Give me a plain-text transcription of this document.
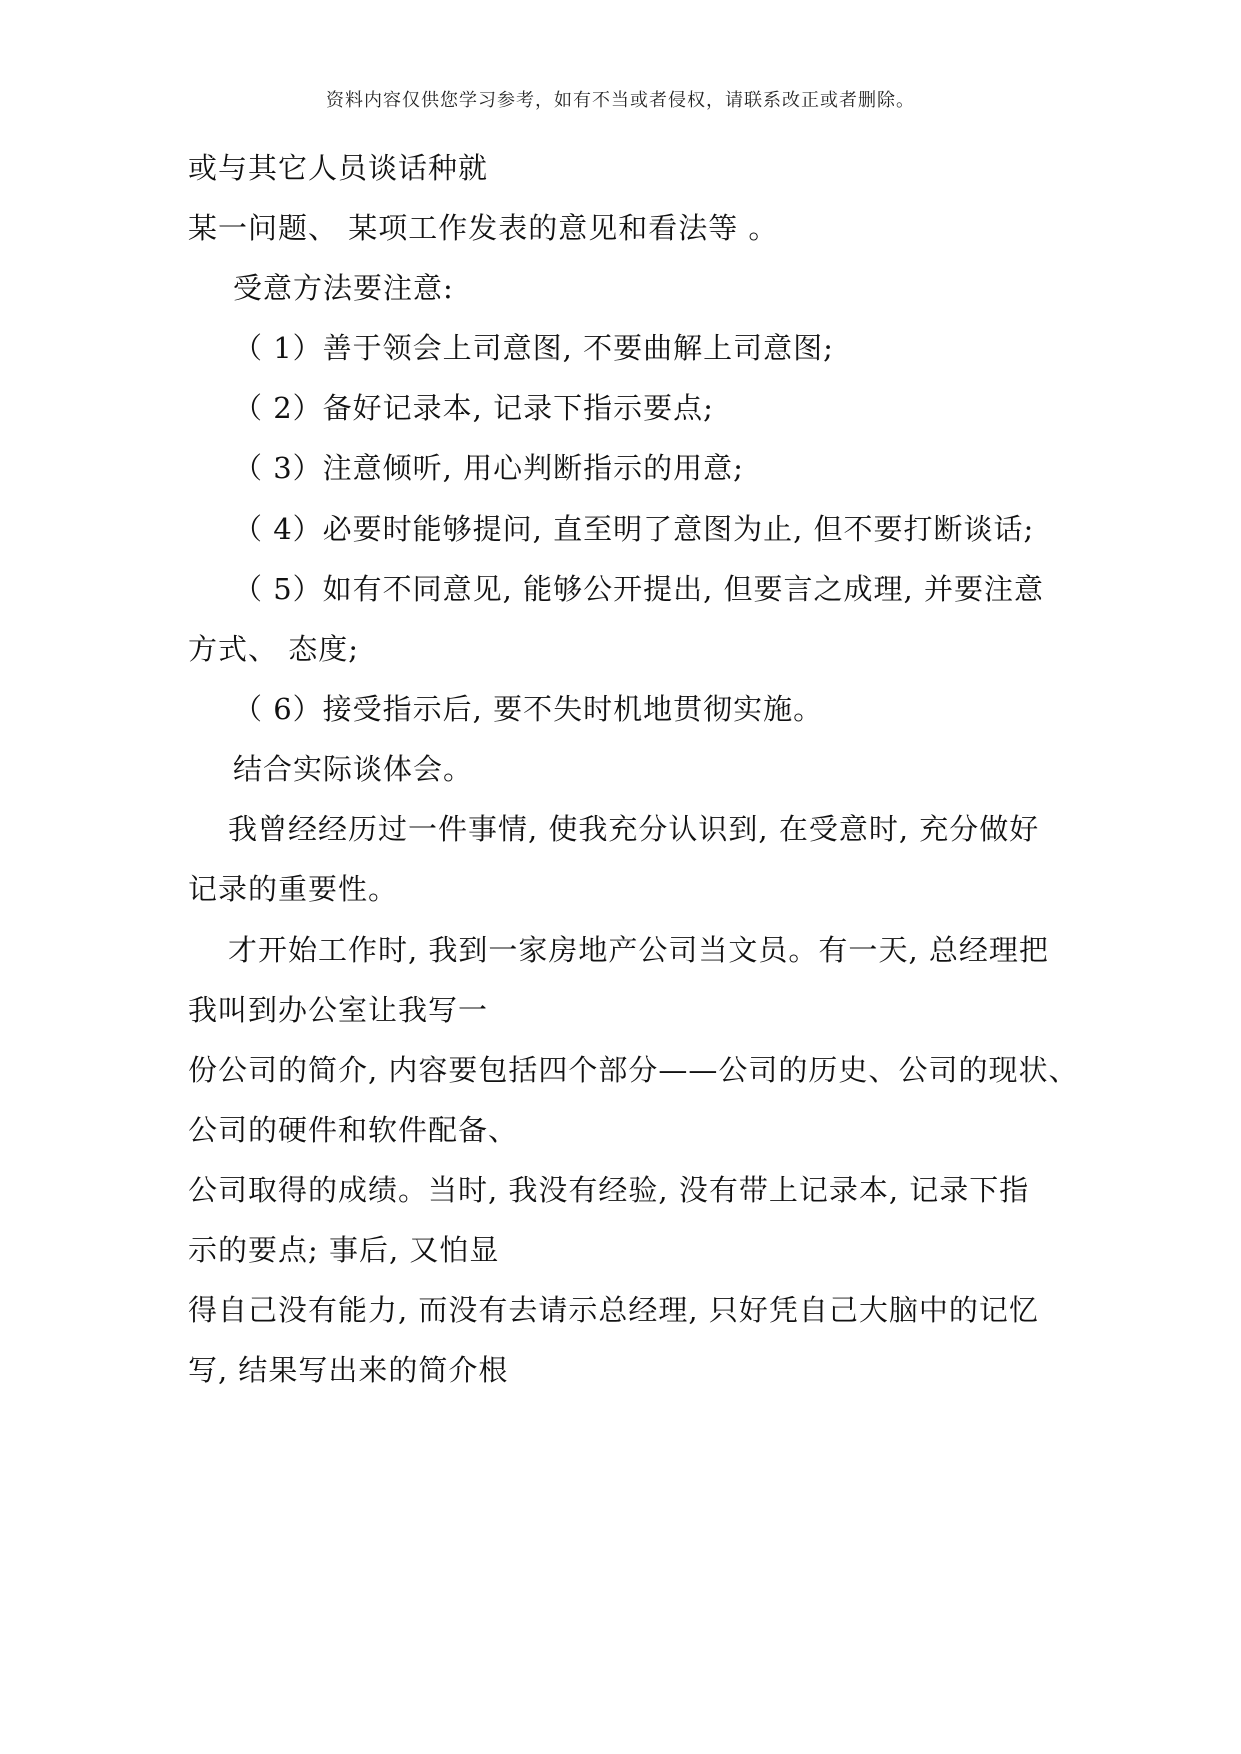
资料内容仅供您学习参考，如有不当或者侵权，请联系改正或者删除。
或与其它人员谈话种就
某一问题、 某项工作发表的意见和看法等 。
受意方法要注意:
（ 1）善于领会上司意图, 不要曲解上司意图;
（ 2）备好记录本, 记录下指示要点;
（ 3）注意倾听, 用心判断指示的用意;
（ 4）必要时能够提问, 直至明了意图为止, 但不要打断谈话;
（ 5）如有不同意见, 能够公开提出, 但要言之成理, 并要注意
方式、 态度;
（ 6）接受指示后, 要不失时机地贯彻实施。
结合实际谈体会。
我曾经经历过一件事情, 使我充分认识到, 在受意时, 充分做好
记录的重要性。
才开始工作时, 我到一家房地产公司当文员。有一天, 总经理把
我叫到办公室让我写一
份公司的简介, 内容要包括四个部分——公司的历史、公司的现状、
公司的硬件和软件配备、
公司取得的成绩。当时, 我没有经验, 没有带上记录本, 记录下指
示的要点; 事后, 又怕显
得自己没有能力, 而没有去请示总经理, 只好凭自己大脑中的记忆
写, 结果写出来的简介根
